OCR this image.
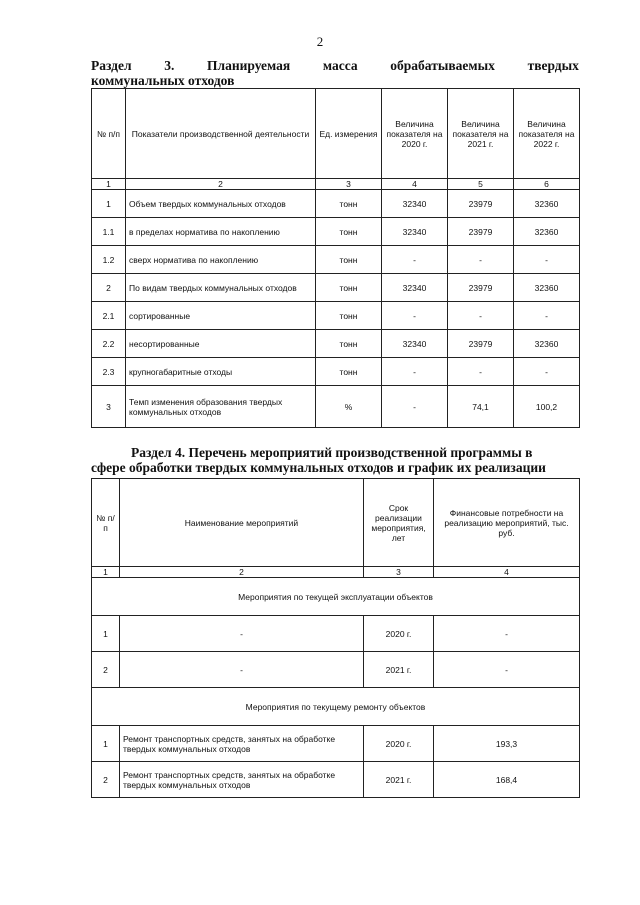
2
Раздел 3. Планируемая масса обрабатываемых твердых
коммунальных отходов
№ п/п	Показатели производственной деятельности	Ед. измерения	Величина показателя на 2020 г.	Величина показателя на 2021 г.	Величина показателя на 2022 г.
1	2	3	4	5	6
1	Объем твердых коммунальных отходов	тонн	32340	23979	32360
1.1	в пределах норматива по накоплению	тонн	32340	23979	32360
1.2	сверх норматива по накоплению	тонн	-	-	-
2	По видам твердых коммунальных отходов	тонн	32340	23979	32360
2.1	сортированные	тонн	-	-	-
2.2	несортированные	тонн	32340	23979	32360
2.3	крупногабаритные отходы	тонн	-	-	-
3	Темп изменения образования твердых коммунальных отходов	%	-	74,1	100,2
Раздел 4. Перечень мероприятий производственной программы в
сфере обработки твердых коммунальных отходов и график их реализации
№ п/п	Наименование мероприятий	Срок реализации мероприятия, лет	Финансовые потребности на реализацию мероприятий, тыс. руб.
1	2	3	4
Мероприятия по текущей эксплуатации объектов			
1	-	2020 г.	-
2	-	2021 г.	-
Мероприятия по текущему ремонту объектов			
1	Ремонт транспортных средств, занятых на обработке твердых коммунальных отходов	2020 г.	193,3
2	Ремонт транспортных средств, занятых на обработке твердых коммунальных отходов	2021 г.	168,4
